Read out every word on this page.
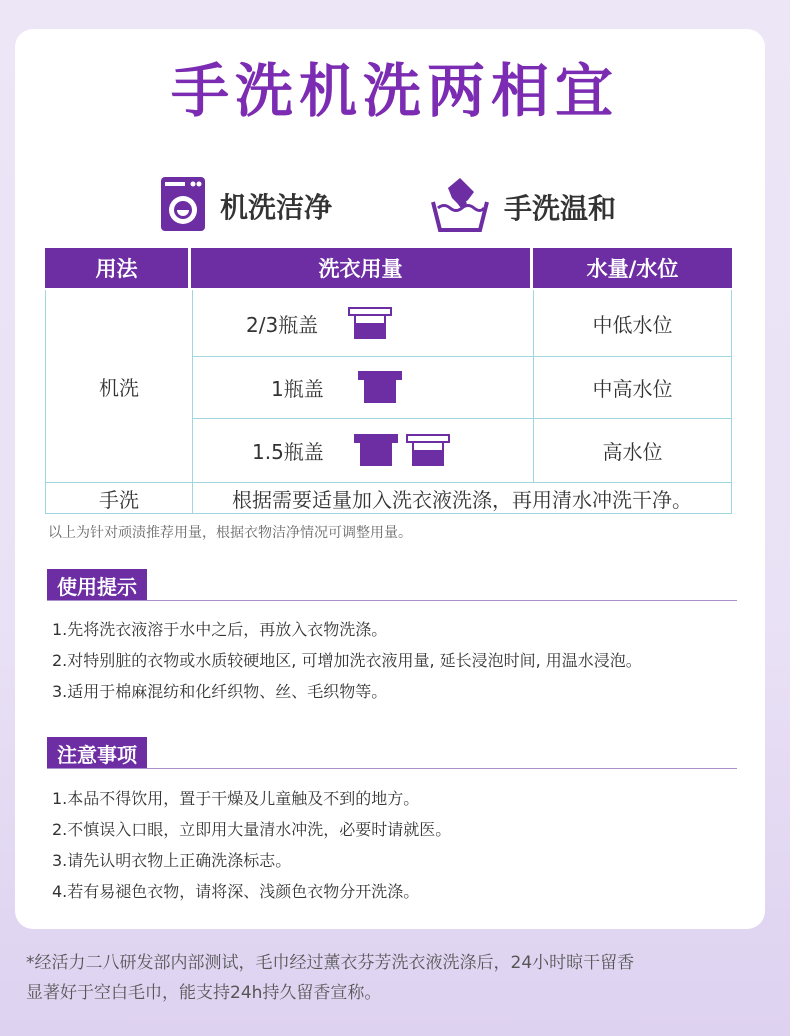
手洗机洗两相宜
机洗洁净	手洗温和
用法	洗衣用量	水量/水位
机洗
2/3瓶盖	中低水位
1瓶盖	中高水位
1.5瓶盖	高水位
手洗	根据需要适量加入洗衣液洗涤，再用清水冲洗干净。
以上为针对顽渍推荐用量，根据衣物洁净情况可调整用量。
使用提示
1.先将洗衣液溶于水中之后，再放入衣物洗涤。
2.对特别脏的衣物或水质较硬地区, 可增加洗衣液用量, 延长浸泡时间, 用温水浸泡。
3.适用于棉麻混纺和化纤织物、丝、毛织物等。
注意事项
1.本品不得饮用，置于干燥及儿童触及不到的地方。
2.不慎误入口眼，立即用大量清水冲洗，必要时请就医。
3.请先认明衣物上正确洗涤标志。
4.若有易褪色衣物，请将深、浅颜色衣物分开洗涤。
*经活力二八研发部内部测试，毛巾经过薰衣芬芳洗衣液洗涤后，24小时晾干留香
显著好于空白毛巾，能支持24h持久留香宣称。
